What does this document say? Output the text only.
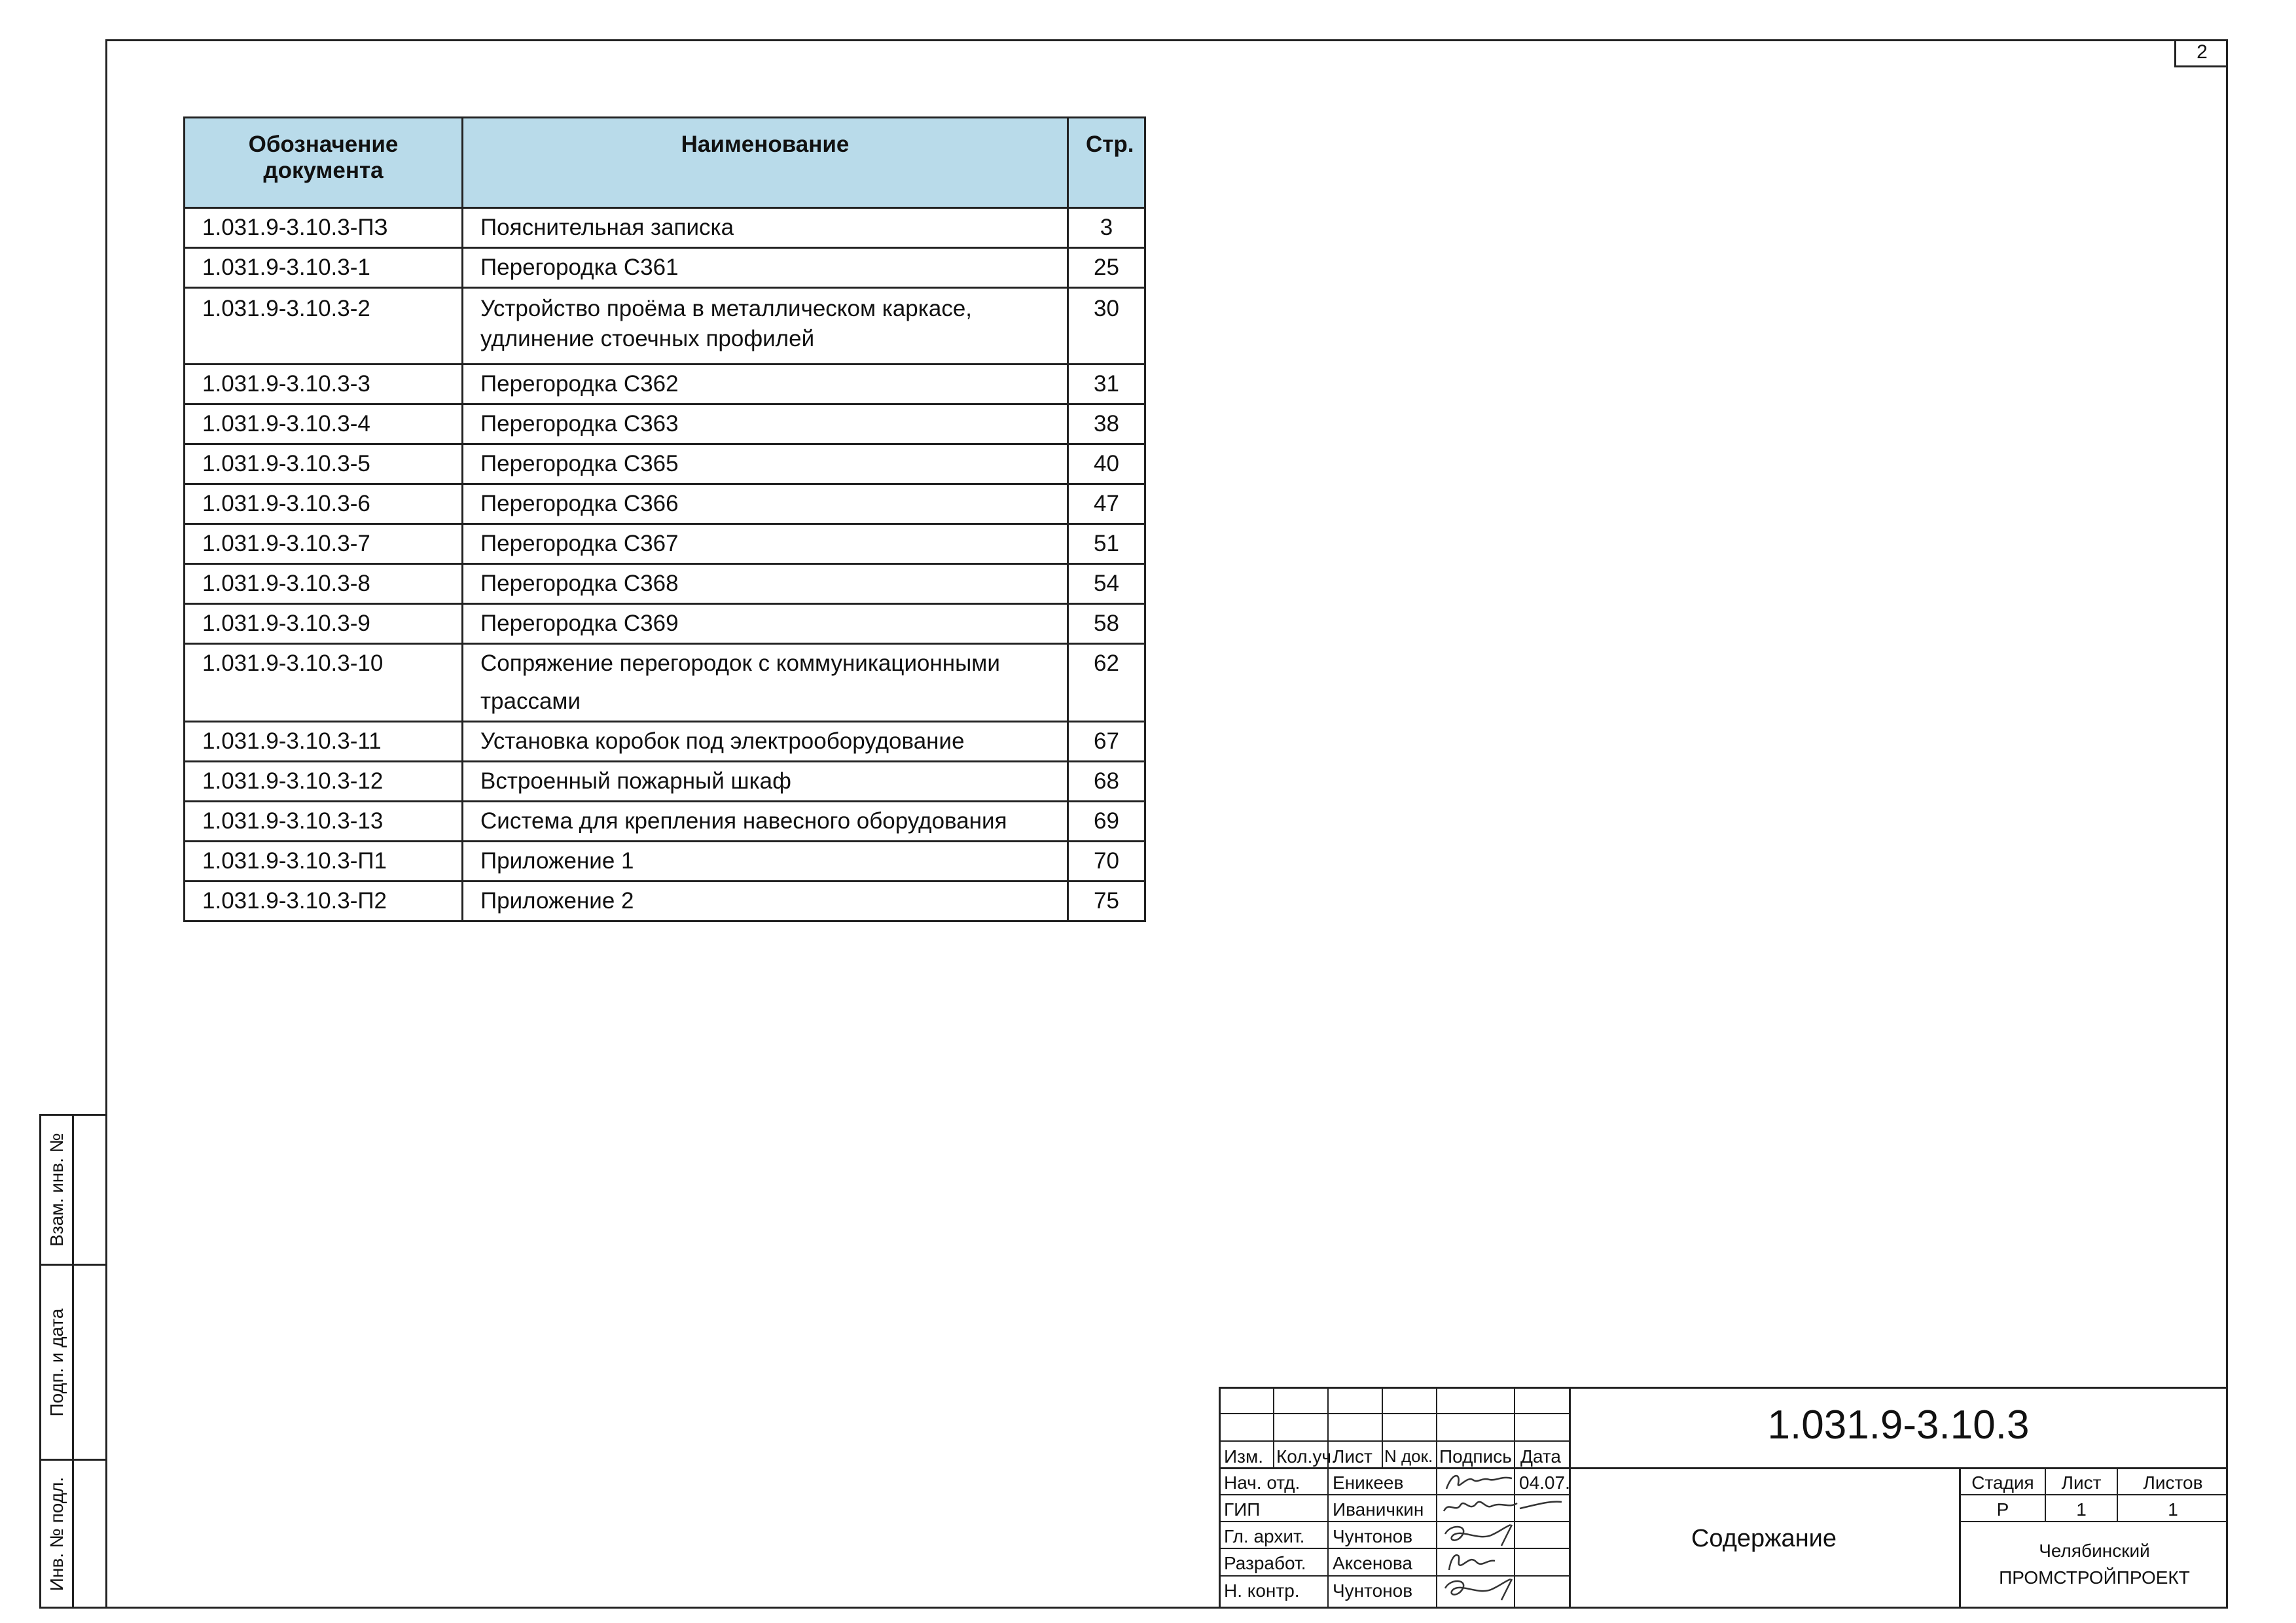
2
Обозначение документа	Наименование	Стр.
1.031.9-3.10.3-ПЗ	Пояснительная записка	3
1.031.9-3.10.3-1	Перегородка С361	25
1.031.9-3.10.3-2	Устройство проёма в металлическом каркасе,
удлинение стоечных профилей	30
1.031.9-3.10.3-3	Перегородка С362	31
1.031.9-3.10.3-4	Перегородка С363	38
1.031.9-3.10.3-5	Перегородка С365	40
1.031.9-3.10.3-6	Перегородка С366	47
1.031.9-3.10.3-7	Перегородка С367	51
1.031.9-3.10.3-8	Перегородка С368	54
1.031.9-3.10.3-9	Перегородка С369	58
1.031.9-3.10.3-10	Сопряжение перегородок с коммуникационными трассами	62
1.031.9-3.10.3-11	Установка коробок под электрооборудование	67
1.031.9-3.10.3-12	Встроенный пожарный шкаф	68
1.031.9-3.10.3-13	Система для крепления навесного оборудования	69
1.031.9-3.10.3-П1	Приложение 1	70
1.031.9-3.10.3-П2	Приложение 2	75
Взам. инв. №
Подп. и дата
Инв. № подл.
Изм. Кол.уч.
Лист N док. Подпись Дата
Нач. отд. Еникеев	04.07.
ГИП	Иваничкин
Гл. архит. Чунтонов
Разработ. Аксенова
Н. контр. Чунтонов
1.031.9-3.10.3
Содержание
Стадия	Лист	Листов
Р	1	1
Челябинский
ПРОМСТРОЙПРОЕКТ
